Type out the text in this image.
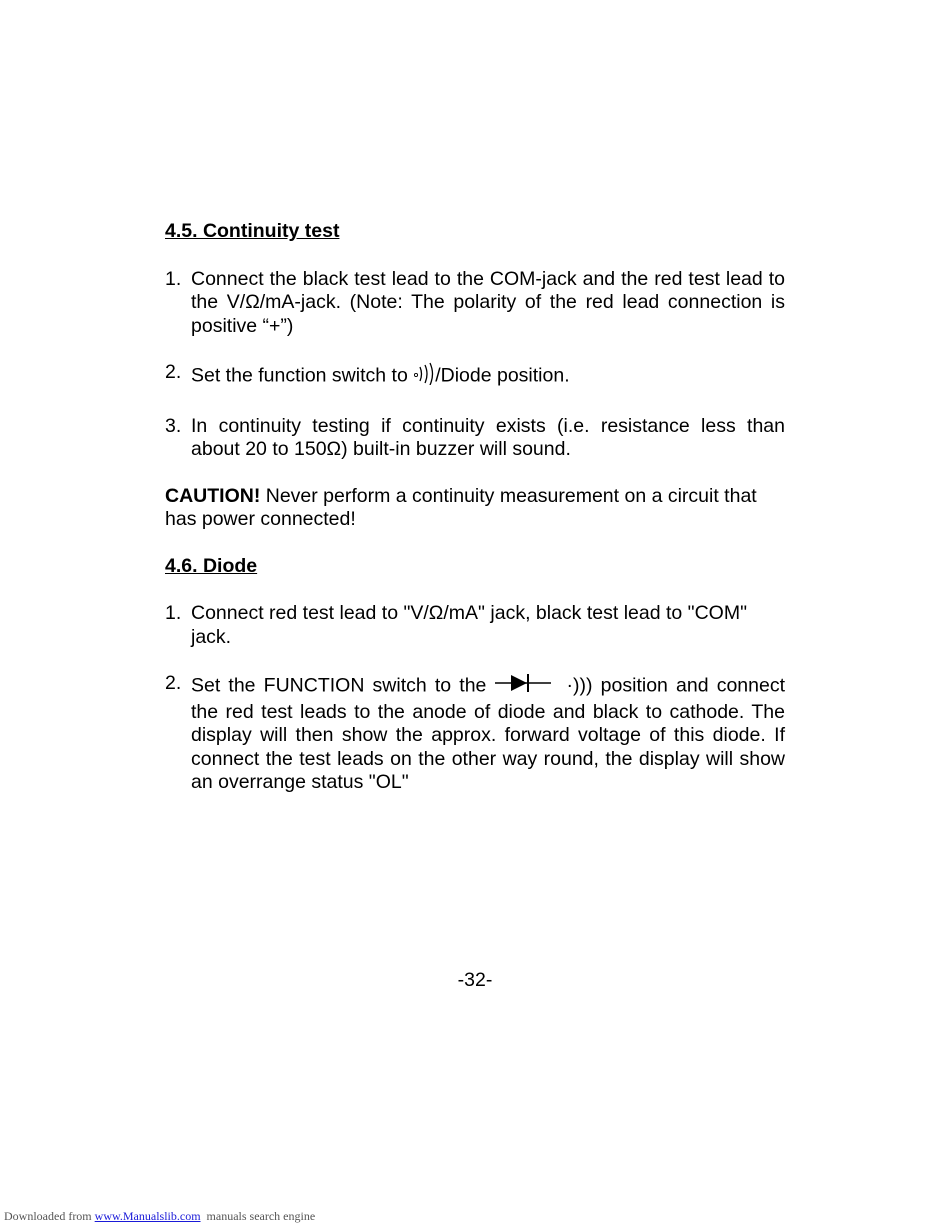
4.5. Continuity test

1. Connect the black test lead to the COM-jack and the red test lead to the V/Ω/mA-jack. (Note: The polarity of the red lead connection is positive “+”)
2. Set the function switch to /Diode position.
3. In continuity testing if continuity exists (i.e. resistance less than about 20 to 150Ω) built-in buzzer will sound.

CAUTION! Never perform a continuity measurement on a circuit that has power connected!

4.6. Diode

1. Connect red test lead to "V/Ω/mA" jack, black test lead to "COM" jack.
2. Set the FUNCTION switch to the	·))) position and connect the red test leads to the anode of diode and black to cathode. The display will then show the approx. forward voltage of this diode. If connect the test leads on the other way round, the display will show an overrange status "OL"
-32-
Downloaded from www.Manualslib.com  manuals search engine
